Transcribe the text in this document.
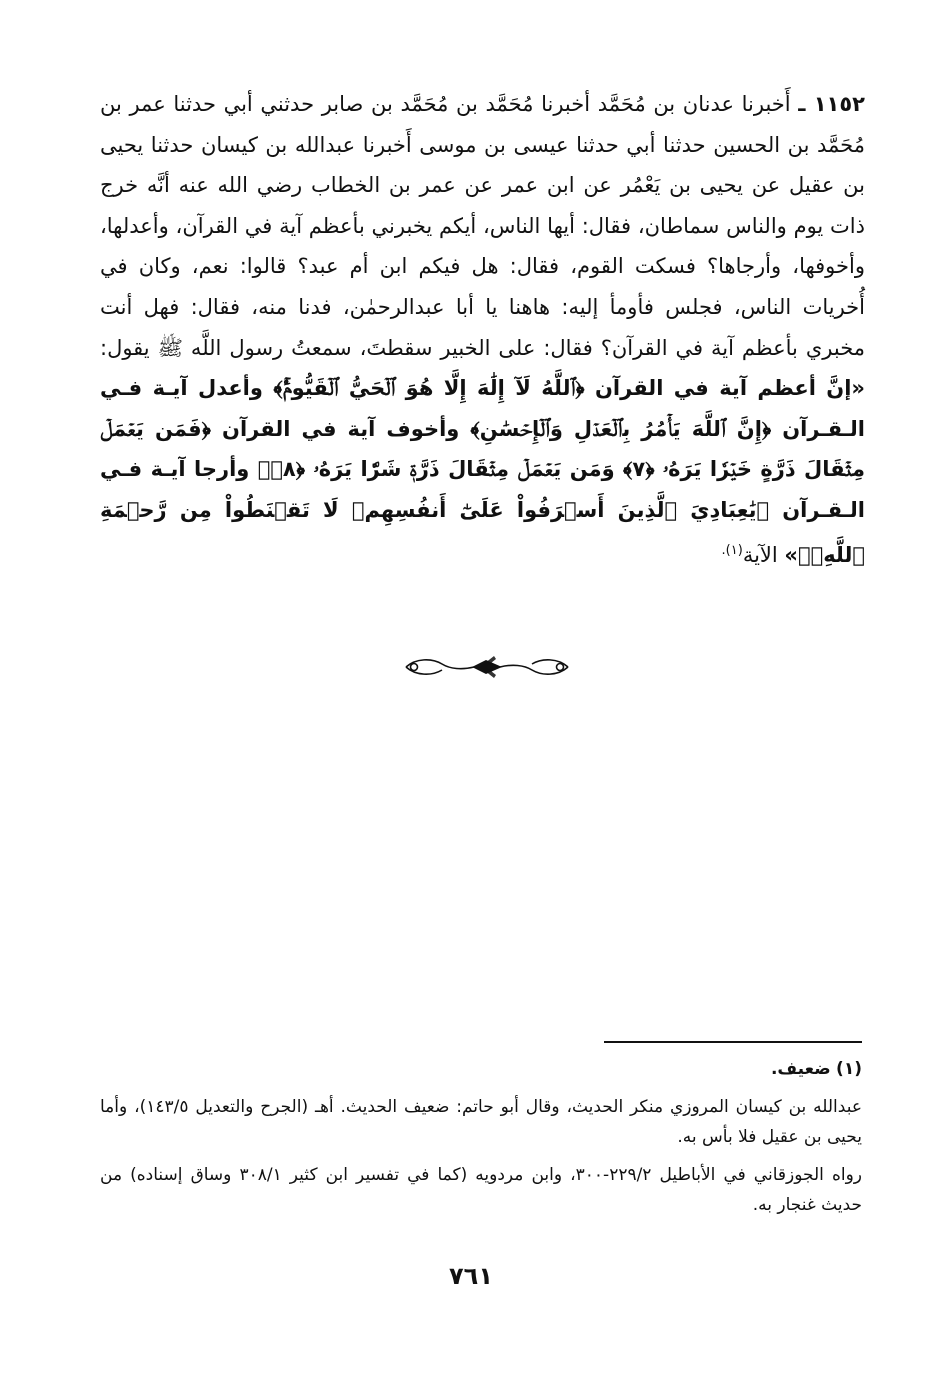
١١٥٢ ـ أَخبرنا عدنان بن مُحَمَّد أخبرنا مُحَمَّد بن مُحَمَّد بن صابر حدثني أبي حدثنا عمر بن مُحَمَّد بن الحسين حدثنا أبي حدثنا عيسى بن موسى أَخبرنا عبدالله بن كيسان حدثنا يحيى بن عقيل عن يحيى بن يَعْمُر عن ابن عمر عن عمر بن الخطاب رضي الله عنه أنَّه خرج ذات يوم والناس سماطان، فقال: أيها الناس، أيكم يخبرني بأعظم آية في القرآن، وأعدلها، وأخوفها، وأرجاها؟ فسكت القوم، فقال: هل فيكم ابن أم عبد؟ قالوا: نعم، وكان في أُخريات الناس، فجلس فأومأ إليه: هاهنا يا أبا عبدالرحمٰن، فدنا منه، فقال: فهل أنت مخبري بأعظم آية في القرآن؟ فقال: على الخبير سقطتَ، سمعتُ رسول اللَّه ﷺ يقول: «إنَّ أعظم آية في القرآن ﴿ٱللَّهُ لَآ إِلَٰهَ إِلَّا هُوَ ٱلۡحَيُّ ٱلۡقَيُّومُۚ﴾ وأعدل آيـة فـي الـقـرآن ﴿إِنَّ ٱللَّهَ يَأۡمُرُ بِٱلۡعَدۡلِ وَٱلۡإِحۡسَٰنِ﴾ وأخوف آية في القرآن ﴿فَمَن يَعۡمَلۡ مِثۡقَالَ ذَرَّةٍ خَيۡرٗا يَرَهُۥ ﴿٧﴾ وَمَن يَعۡمَلۡ مِثۡقَالَ ذَرَّةٖ شَرّٗا يَرَهُۥ ﴿٨﴾﴾ وأرجا آيـة فـي الـقـرآن ﴿يَٰعِبَادِيَ ٱلَّذِينَ أَسۡرَفُواْ عَلَىٰٓ أَنفُسِهِمۡ لَا تَقۡنَطُواْ مِن رَّحۡمَةِ ٱللَّهِۚ﴾» الآية$^{(١).}$

(١) ضعيف.

عبدالله بن كيسان المروزي منكر الحديث، وقال أبو حاتم: ضعيف الحديث. أهـ (الجرح والتعديل ١٤٣/٥)، وأما يحيى بن عقيل فلا بأس به.

رواه الجوزقاني في الأباطيل ٢٢٩/٢-٣٠٠، وابن مردويه (كما في تفسير ابن كثير ٣٠٨/١ وساق إسناده) من حديث غنجار به.

٧٦١
